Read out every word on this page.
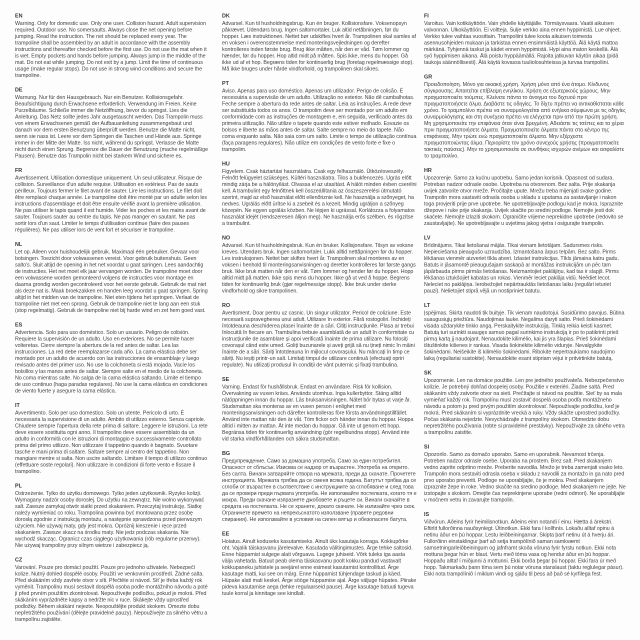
EN

Warning. Only for domestic use. Only one user. Collision hazard. Adult supervision required. Outdoor use. No somersaults. Always close the net opening before jumping. Read the instruction. The net should be replaced every year. The trampoline shall be assembled by an adult in accordance with the assembly instructions and thereafter checked before the first use. Do not use the mat when it is wet. Empty pockets and hands before jumping. Always jump in the middle of the mat. Do not eat while jumping. Do not exit by a jump. Limit the time of continuous usage (make regular stops). Do not use in strong wind conditions and secure the trampoline.

DE

Warnung. Nur für den Hausgebrauch. Nur ein Benutzer. Kollisionsgefahr. Beaufsichtigung durch Erwachsene erforderlich. Verwendung im Freien. Keine Purzelbäume. Schließe immer die Netzöffnung, bevor du springst. Lies die Anleitung. Das Netz sollte jedes Jahr ausgetauscht werden. Das Trampolin muss von einem Erwachsenen gemäß der Aufbauanleitung zusammengebaut und danach vor dem ersten Benutzung überprüft werden. Benutze die Matte nicht, wenn sie nass ist. Leere vor dem Springen die Taschen und Hände aus. Springe immer in der Mitte der Matte. Iss nicht, während du springst. Verlasse die Matte nicht durch einen Sprung. Begrenze die Dauer der Benutzung (mache regelmäßige Pausen). Benutze das Trampolin nicht bei starkem Wind und sichere es.

FR

Avertissement. Utilisation domestique uniquement. Un seul utilisateur. Risque de collision. Surveillance d'un adulte requise. Utilisation en extérieur. Pas de sauts périlleux. Toujours fermer le filet avant de sauter. Lire les instructions. Le filet doit être remplacé chaque année. Le trampoline doit être monté par un adulte selon les instructions d'assemblage et doit être ensuite vérifié avant la première utilisation. Ne pas utiliser le tapis quand il est humide. Vider les poches et les mains avant de sauter. Toujours sauter au centre du tapis. Ne pas manger en sautant. Ne pas sortir lors d'un saut. Limiter le temps d'utilisation continue (faire des pauses régulières). Ne pas utiliser lors de vent fort et sécuriser le trampoline.

NL

Let op. Alleen voor huishoudelijk gebruik. Maximaal één gebruiker. Gevaar voor botsingen. Toezicht door volwassenen vereist. Voor gebruik buitenshuis. Geen salto's. Sluit altijd de opening in het net voordat u gaat springen. Lees aandachtig de instructies. Het net moet elk jaar vervangen worden. De trampoline moet door een volwassene worden gemonteerd volgens de instructies voor montage en daarna grondig worden gecontroleerd voor het eerste gebruik. Gebruik de mat niet als deze nat is. Maak broekzakken en handen leeg voordat u gaat springen. Spring altijd in het midden van de trampoline. Niet eten tijdens het springen. Verlaat de trampoline niet met een sprong. Gebruik de trampoline niet te lang aan een stuk (stop regelmatig). Gebruik de trampoline niet bij harde wind en zet hem goed vast.

ES

Advertencia. Solo para uso doméstico. Solo un usuario. Peligro de colisión. Requiere la supervisión de un adulto. Uso en exteriores. No se permite hacer volteretas. Cierre siempre la abertura de la red antes de saltar. Lea las instrucciones. La red debe reemplazarse cada año. La cama elástica debe ser montado por un adulto de acuerdo con las instrucciones de ensamblaje y luego revisado antes del primer uso. No use la colchoneta si está mojada. Vacíe los bolsillos y las manos antes de saltar. Siempre salte en el medio de la colchoneta. No coma mientras salte. No salga de la cama elástica saltando. Limite el tiempo de uso continuo (haga paradas regulares). No use la cama elástica en condiciones de viento fuerte y asegure la cama elástica.

IT

Avvertimento. Solo per uso domestico. Solo un utente. Pericolo di urto. È necessaria la supervisione di un adulto. Ambito di utilizzo esterno. Senza capriole. Chiudere sempre l'apertura della rete prima di saltare. Leggere le istruzioni. La rete deve essere sostituita ogni anno. Il trampolino deve essere assemblato da un adulto in conformità con le istruzioni di montaggio e successivamente controllato prima del primo utilizzo. Non utilizzare il tappetino quando è bagnato. Svuotare tasche e mani prima di saltare. Saltare sempre al centro del tappetino. Non mangiare mentre si salta. Non uscire saltando. Limitare il tempo di utilizzo continuo (effettuare soste regolari). Non utilizzare in condizioni di forte vento e fissare il trampolino.

PL

Ostrzeżenie. Tylko do użytku domowego. Tylko jeden użytkownik. Ryzyko kolizji. Wymagany nadzór osoby dorosłej. Do użytku na zewnątrz. Nie wolno wykonywać salt. Zawsze zamykaj otwór siatki przed skakaniem. Przeczytaj instrukcję. Siatkę należy wymieniać co roku. Trampolina powinna być montowana przez osobę dorosłą zgodnie z instrukcją montażu, a następnie sprawdzona przed pierwszym użyciem. Nie używaj maty, gdy jest mokra. Opróżnij kieszenie i ręce przed skakaniem. Zawsze skacz na środku maty. Nie jedz podczas skakania. Nie wychodź skacząc. Ogranicz czas ciągłego użytkowania (rób regularne przerwy). Nie używaj trampoliny przy silnym wietrze i zabezpiecz ją.

CZ

Varování. Pouze pro domácí použití. Pouze pro jednoho uživatele. Nebezpečí kolize. Nutný dohled dospělé osoby. Použití ve venkovním prostředí. Žádné salta. Před skákáním vždy zavřete otvor v síti. Přečtěte si návod. Síť je třeba každý rok vyměnit. Trampolínu musí sestavit dospělá osoba podle montážního návodu a poté ji před prvním použitím zkontrolovat. Nepoužívejte podložku, pokud je mokrá. Před skákáním vyprázdněte kapsy a nedržte nic v ruce. Skákejte vždy uprostřed podložky. Během skákání nejezte. Neopouštějte produkt skokem. Omezte dobu nepřetržitého používání (dělejte pravidelné pauzy). Nepoužívejte za silného větru a trampolínu zajistěte.

DK

Advarsel. Kun til husholdningsbrug. Kun én bruger. Kollisionsfare. Voksenopsyn påkrævet. Udendørs brug. Ingen saltomortaler. Luk altid netåbningen, før du hopper. Læs instruktionen. Nettet bør udskiftes hvert år. Trampolinen skal samles af en voksen i overensstemmelse med monteringsvejledningen og derefter kontrolleres inden første brug. Brug ikke måtten, når den er våd. Tøm lommer og hænder, før du hopper. Hop altid midt på måtten. Spis ikke, mens du hopper. Gå ikke ud af et hop. Begræns tiden for kontinuerlig brug (foretag regelmæssige stop). Må ikke bruges under hårde vindforhold, og trampolinen skal sikres.

PT

Aviso. Apenas para uso doméstico. Apenas um utilizador. Perigo de colisão. É necessária a supervisão de um adulto. Utilização no exterior. Não dê cambalhotas. Feche sempre a abertura da rede antes de saltar. Leia as instruções. A rede deve ser substituída todos os anos. O trampolim deve ser montado por um adulto em conformidade com as instruções de montagem e, em seguida, verificado antes da primeira utilização. Não utilize o tapete quando este estiver molhado. Esvazie os bolsos e liberte as mãos antes de saltar. Salte sempre no meio do tapete. Não coma enquanto salta. Não saia com um salto. Limite o tempo de utilização contínua (faça paragens regulares). Não utilize em condições de vento forte e fixe o trampolim.

HU

Figyelem. Csak háztartási használatra. Csak egy felhasználó. Ütközésveszély. Felnőtt felügyelet szükséges. Kültéri használatra. Tilos a bukfencezés. Ugrás előtt mindig zárja be a hálónyílást. Olvassa el az utasítást. A hálót minden évben cserélni kell. A trambulint egy felnőttnek kell összeállítania az összeszerelési útmutató szerint, majd az első használat előtt ellenőriznie kell. Ne használja a szőnyeget, ha nedves. Ugrálás előtt ürítse ki a zsebeit és a kezeit. Mindig ugráljon a szőnyeg közepén. Ne egyen ugrálás közben. Ne lépjen ki ugrással. Korlátozza a folyamatos használat idejét (rendszeresen álljon meg). Ne használja erős szélben, és rögzítse a trambulint.

NO

Advarsel. Kun til husholdningsbruk. Kun én bruker. Kollisjonsfare. Tilsyn av voksne kreves. Utendørs bruk. Ingen saltomortaler. Lukk alltid nettåpningen før du hopper. Les instruksjonen. Nettet bør skiftes hvert år. Trampolinen skal monteres av en voksen i henhold til monteringsanvisningen og deretter kontrolleres før første gangs bruk. Ikke bruk matten når den er våt. Tøm lommer og hender før du hopper. Hopp alltid midt på matten. Ikke spis mens du hopper. Ikke gå ut ved å hoppe. Begrens tiden for kontinuerlig bruk (gjør regelmessige stopp). Ikke bruk under sterke vindforhold og sikre trampolinen.

RO

Avertisment. Doar pentru uz casnic. Un singur utilizator. Pericol de coliziune. Este necesară supravegherea unui adult. Utilizare în exterior. Fără rostogoliri. Închideți întotdeauna deschiderea plasei înainte de a sări. Citiți instrucțiunile. Plasa ar trebui înlocuită în fiecare an. Trambulina trebuie asamblată de un adult în conformitate cu instrucțiunile de asamblare și apoi verificată înainte de prima utilizare. Nu folosiți covorașul când este umed. Goliți buzunarele și aveți grijă să nu țineți nimic în mâini înainte de a sări. Săriți întotdeauna în mijlocul covorașului. Nu mâncați în timp ce săriți. Nu ieșiți printr-un salt. Limitați timpul de utilizare continuă (efectuați opriri regulate). Nu utilizați produsul în condiții de vânt puternic și fixați trambulina.

SE

Varning. Endast för hushållsbruk. Endast en användare. Risk för kollision. Övervakning av vuxen krävs. Används utomhus. Inga kullerbyttor. Stäng alltid nätöppningen innan du hoppar. Läs bruksanvisningen. Nätet bör bytas ut varje år. Studsmattan ska monteras av en vuxen person i enlighet med monteringsanvisningen och därefter kontrolleras före första användningstillfället. Använd inte mattan när den är våt. Töm fickor och händer innan du hoppar. Hoppa alltid i mitten av mattan. Ät inte medan du hoppar. Gå inte ut genom ett hopp. Begränsa tiden för kontinuerlig användning (gör regelbundna stopp). Använd inte vid starka vindförhållanden och säkra studsmattan.

BG

Предупреждение. Само за домашна употреба. Само за един потребител. Опасност от сблъсък. Изисква се надзор от възрастен. Употреба на открито. Без салта. Винаги затваряйте отвора на мрежата, преди да скачате. Прочетете инструкцията. Мрежата трябва да се сменя всяка година. Батутът трябва да се сглоби от възрастен в съответствие с инструкциите за сглобяване и след това да се провери преди първата употреба. Не използвайте постелката, когато тя е мокра. Преди скачане изпразнете джобовете и ръцете си. Винаги скачайте в средата на постелката. Не се хранете, докато скачате. Не излизайте чрез скок. Ограничете времето на непрекъснатото използване (правете редовни спирания). Не използвайте в условия на силен вятър и обезопасете батута.

EE

Hoiatus. Ainult koduseks kasutamiseks. Ainult üks kasutaja korraga. Kokkupõrke oht. Vajalik täiskasvanu järelevalve. Kasutada välitingimustes. Ärge tehke saltosid. Enne hüppamist sulgege alati võrguava. Lugege juhiseid. Võrk tuleks iga aasta välja vahetada. Batuut peab olema täiskasvanu poolt kokku pandud vastavalt kokkupaneku juhistele ja seejärel enne esimest kasutamist kontrollitud. Ärge kasutage matti, kui see on märg. Enne hüppamist tühjendage taskud ja käed. Hüpake alati mati keskel. Ärge sööge hüppamise ajal. Ärge väljuge hüpates. Piirake pideva kasutamise aega (tehke regulaarseid pause). Ärge kasutage batuuti tugeva tuule korral ja kinnitage see kindlalt.

FI

Varoitus. Vain kotikäyttöön. Vain yhdelle käyttäjälle. Törmäysvaara. Vaatii aikuisen valvonnan. Ulkokäyttöön. Ei voltteja. Sulje verkko aina ennen hyppimistä. Lue ohjeet. Verkko tulee vaihtaa vuosittain. Trampoliini tulee koota aikuisen toimesta asennusohjeiden mukaan ja tarkistaa ennen ensimmäistä käyttöä. Älä käytä mattoa märkänä. Tyhjennä taskut ja kädet ennen hyppimistä. Hypi aina maton keskellä. Älä syö hyppimisen aikana. Älä poistu hyppäämällä. Rajoita jatkuvan käytön aikaa (pidä taukoja säännöllisesti). Älä käytä kovassa tuuliolosuhteissa ja turvaa trampoliini.

GR

Προειδοποίηση. Μόνο για οικιακή χρήση. Χρήση μόνο από ένα άτομο. Κίνδυνος σύγκρουσης. Απαιτείται επίβλεψη ενηλίκου. Χρήση σε εξωτερικούς χώρους. Μην πραγματοποιείτε τούμπες. Κλείνετε πάντα το άνοιγμα του διχτυού πριν πραγματοποιήσετε άλμα. Διαβάστε τις οδηγίες. Το δίχτυ πρέπει να αντικαθίσταται κάθε χρόνο. Το τραμπολίνο πρέπει να συναρμολογείται από ενήλικα σύμφωνα με τις οδηγίες συναρμολόγησης και στη συνέχεια πρέπει να ελέγχεται πριν από την πρώτη χρήση. Μη χρησιμοποιείτε την επιφάνεια όταν είναι βρεγμένη. Αδειάστε τις τσέπες και τα χέρια πριν πραγματοποιήσετε άλματα. Πραγματοποιείτε άλματα πάντα στο κέντρο της επιφάνειας. Μην τρώτε ενώ πραγματοποιείτε άλματα. Μην εξέρχεστε πραγματοποιώντας άλμα. Περιορίστε τον χρόνο συνεχούς χρήσης (πραγματοποιείτε τακτικές παύσεις). Μην το χρησιμοποιείτε σε συνθήκες ισχυρών ανέμων και ασφαλίστε το τραμπολίνο.

HR

Upozorenje. Samo za kućnu upotrebu. Samo jedan korisnik. Opasnost od sudara. Potreban nadzor odrasle osobe. Upotreba na otvorenom. Bez salta. Prije skakanja uvijek zatvorite otvor mreže. Pročitajte upute. Mrežu treba mijenjati svake godine. Trampolin mora sastaviti odrasla osoba u skladu s uputama za sastavljanje i nakon toga provjeriti prije prve upotrebe. Ne upotrebljavajte podlogu kad je mokra. Ispraznite džepove i ruke prije skakanja. Uvijek skačite po sredini podloge. Nemojte jesti dok skačete. Nemojte izlaziti skokom. Ograničite vrijeme neprekidne upotrebe (redovito se zaustavljajte). Ne upotrebljavajte u uvjetima jakog vjetra i osigurajte trampolin.

LV

Brīdinājums. Tikai lietošanai mājās. Tikai vienam lietotājam. Sadursmes risks. Nepieciešama pieaugušo uzraudzība. Izmantošana ārpus telpām. Bez salto. Pirms lēkšanas vienmēr aizveriet tīkla atveri. Izlasiet instrukcijas. Tīkls jāmaina katru gadu. Batuts ir jāsamontē pieaugušajam saskaņā ar montāžas instrukcijām un pēc tam jāpārbauda pirms pirmās lietošanas. Neizmantojiet paklājiņu, kad tas ir slapjš. Pirms lēkšanas iztukšojiet kabatas un rokas. Vienmēr leciet paklāja vidū. Neēdiet lecot. Neleciet no paklājiņa. Ierobežojiet nepārtrauktās lietošanas laiku (regulāri ieturiet pauzi). Nelietojiet stiprā vējā un nostipriniet batutu.

LT

Įspėjimas. Skirta naudoti tik buityje. Tik vienam naudotojui. Susidūrimo pavojus. Būtina suaugusiųjų priežiūra. Naudojimas lauke. Negalima daryti salto. Prieš šokinėdami visada uždarykite tinklo angą. Perskaitykite instrukciją. Tinklą reikia keisti kasmet. Batutą turi surinkti suaugęs asmuo pagal surinkimo instrukciją ir po to patikrinti prieš pirmą kartą jį naudojant. Nenaudokite kilimėlio, kai jis yra šlapias. Prieš šokinėdami ištuštinkite kišenes ir rankas. Visada šokinėkite kilimėlio viduryje. Nevalgykite šokinėdami. Neišeikite iš kilimėlio šokinėdami. Ribokite nepertraukiamo naudojimo laiką (reguliariai sustokite). Nenaudokite esant stipriam vėjui ir pritvirtinkite batutą.

SK

Upozornenie. Len na domáce použitie. Len pre jedného používateľa. Nebezpečenstvo kolízie. Je potrebný dohľad dospelej osoby. Použitie v exteriéri. Žiadne saltá. Pred skákaním vždy zatvorte otvor na sieti. Prečítajte si návod na použitie. Sieť by sa mala vymieňať každý rok. Trampolínu musí zostaviť dospelá osoba podľa montážneho návodu a potom ju pred prvým použitím skontrolovať. Nepoužívajte podložku, keď je mokrá. Pred skákaním si vyprázdnite vrecká a ruky. Vždy skáčte uprostred podložky. Počas skákania nejedzte. Nevychádzajte z trampolíny skokom. Obmedzte dobu nepretržitého používania (robte si pravidelné prestávky). Nepoužívajte za silného vetra a trampolínu zaistite.

SI

Opozorilo. Samo za domačo uporabo. Samo en uporabnik. Nevarnost trčenja. Potreben nadzor odrasle osebe. Uporaba na prostem. Brez salt. Pred skakanjem vedno zaprite odprtino mreže. Preberite navodila. Mrežo je treba zamenjati vsako leto. Trampolin mora sestaviti odrasla oseba v skladu z navodili za montažo in ga nato pred prvo uporabo preveriti. Podloge ne uporabljajte, če je mokra. Pred skakanjem izpraznite žepe in roke. Vedno skačite na sredino podloge. Med skakanjem ne jejte. Ne izstopajte s skokom. Omejite čas neprekinjene uporabe (redni odmori). Ne uporabljajte v močnem vetru in zavarujte trampolin.

IS

Viðvörun. Aðeins fyrir heimilisnotkun. Aðeins einn notandi í einu. Hætta á árekstri. Eftirlit fullorðinna nauðsynlegt. Útinotkun. Ekki fara í kollhnís. Lokaðu alltaf opinu á netinu áður en þú hoppar. Lestu leiðbeiningarnar. Skipta þarf netinu út á hverju ári. Fullorðinn einstaklingur þarf að setja trampólínið saman samkvæmt samsetningarleiðbeiningum og jafnframt skoða vöruna fyrir fyrstu notkun. Ekki nota mottuna þegar hún er blaut. Vertu með tóma vasa og hendur áður en þú hoppar. Hoppaðu alltaf í miðjunni á mottunni. Ekki borða þegar þú hoppar. Ekki fara úr með hopp. Takmarkaðu þann tíma sem þú notar vöruna stanslaust (taktu reglulegar pásur). Ekki nota trampólínið í miklum vindi og sjáðu til þess að það sé kyrfilega fest.
